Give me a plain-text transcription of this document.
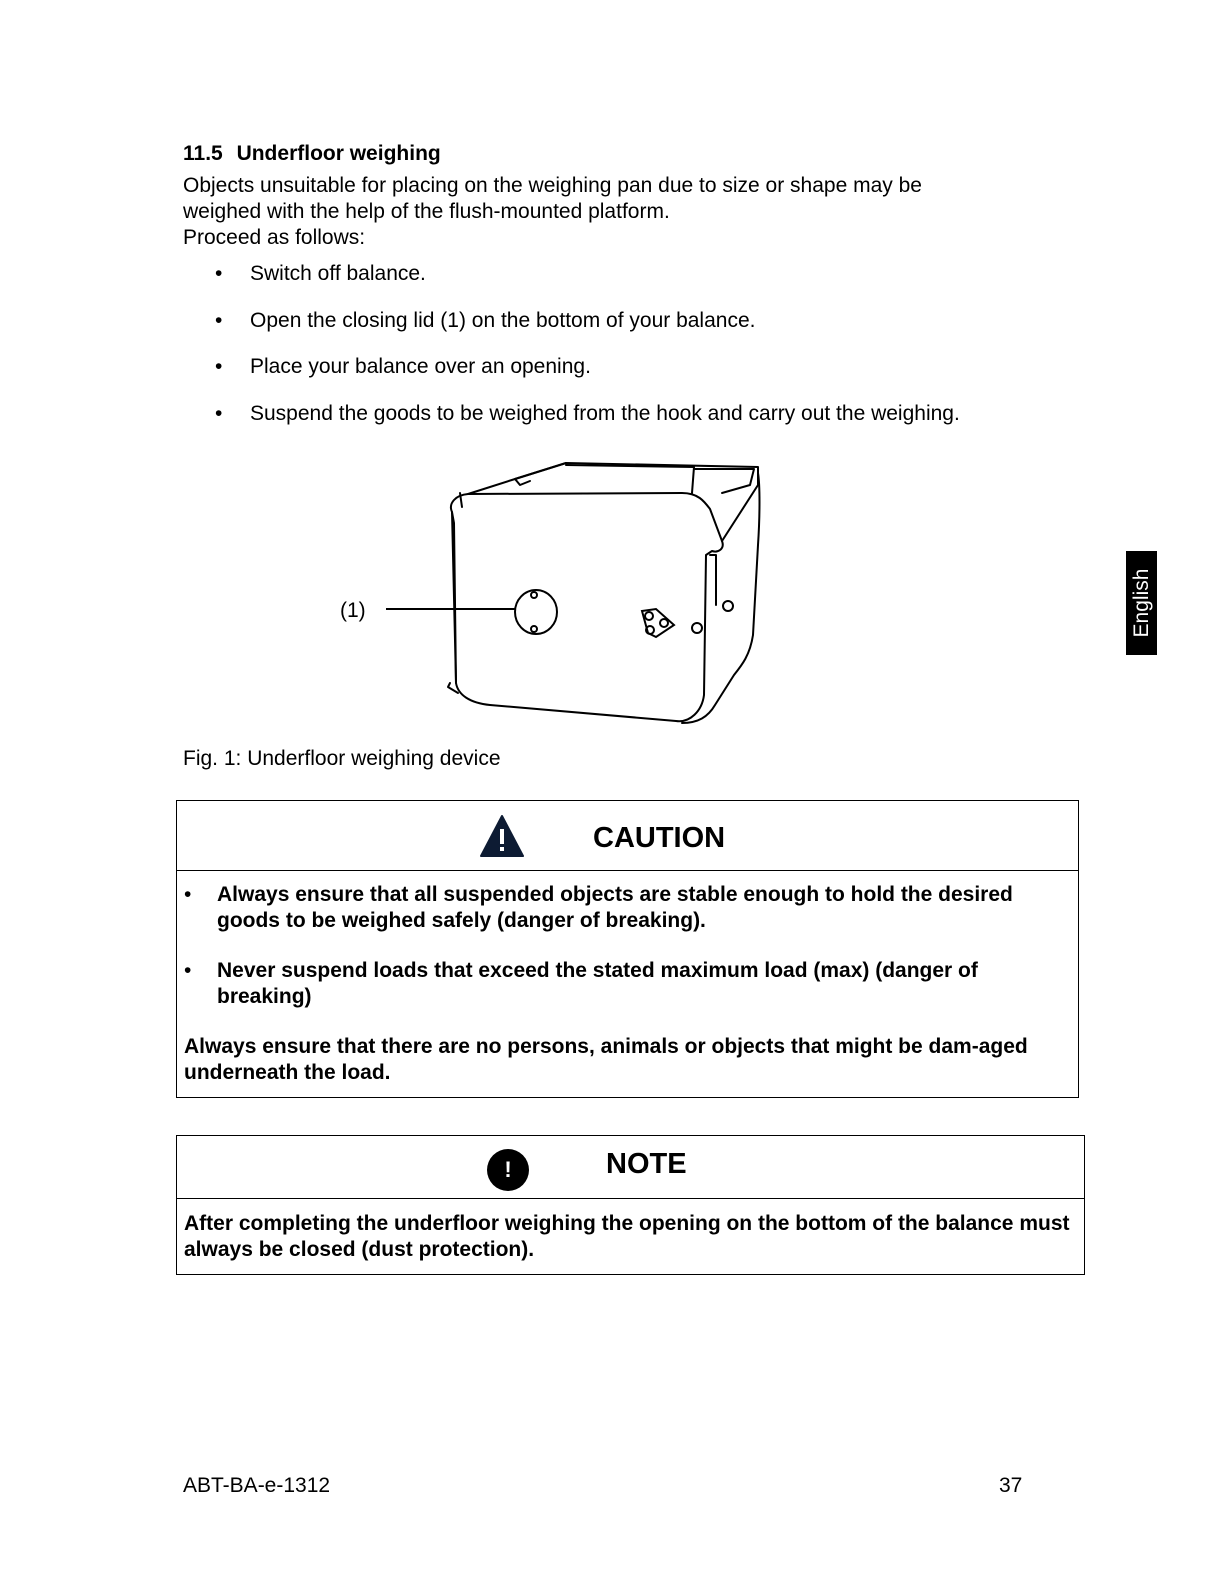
11.5 Underfloor weighing

Objects unsuitable for placing on the weighing pan due to size or shape may be

weighed with the help of the flush-mounted platform.

Proceed as follows:

• Switch off balance.
• Open the closing lid (1) on the bottom of your balance.
• Place your balance over an opening.
• Suspend the goods to be weighed from the hook and carry out the weighing.
(1)
Fig. 1: Underfloor weighing device
CAUTION
• Always ensure that all suspended objects are stable enough to hold the desired goods to be weighed safely (danger of breaking).
• Never suspend loads that exceed the stated maximum load (max) (danger of breaking)

Always ensure that there are no persons, animals or objects that might be dam-aged underneath the load.

!	NOTE

After completing the underfloor weighing the opening on the bottom of the balance must always be closed (dust protection).

English
ABT-BA-e-1312	37
